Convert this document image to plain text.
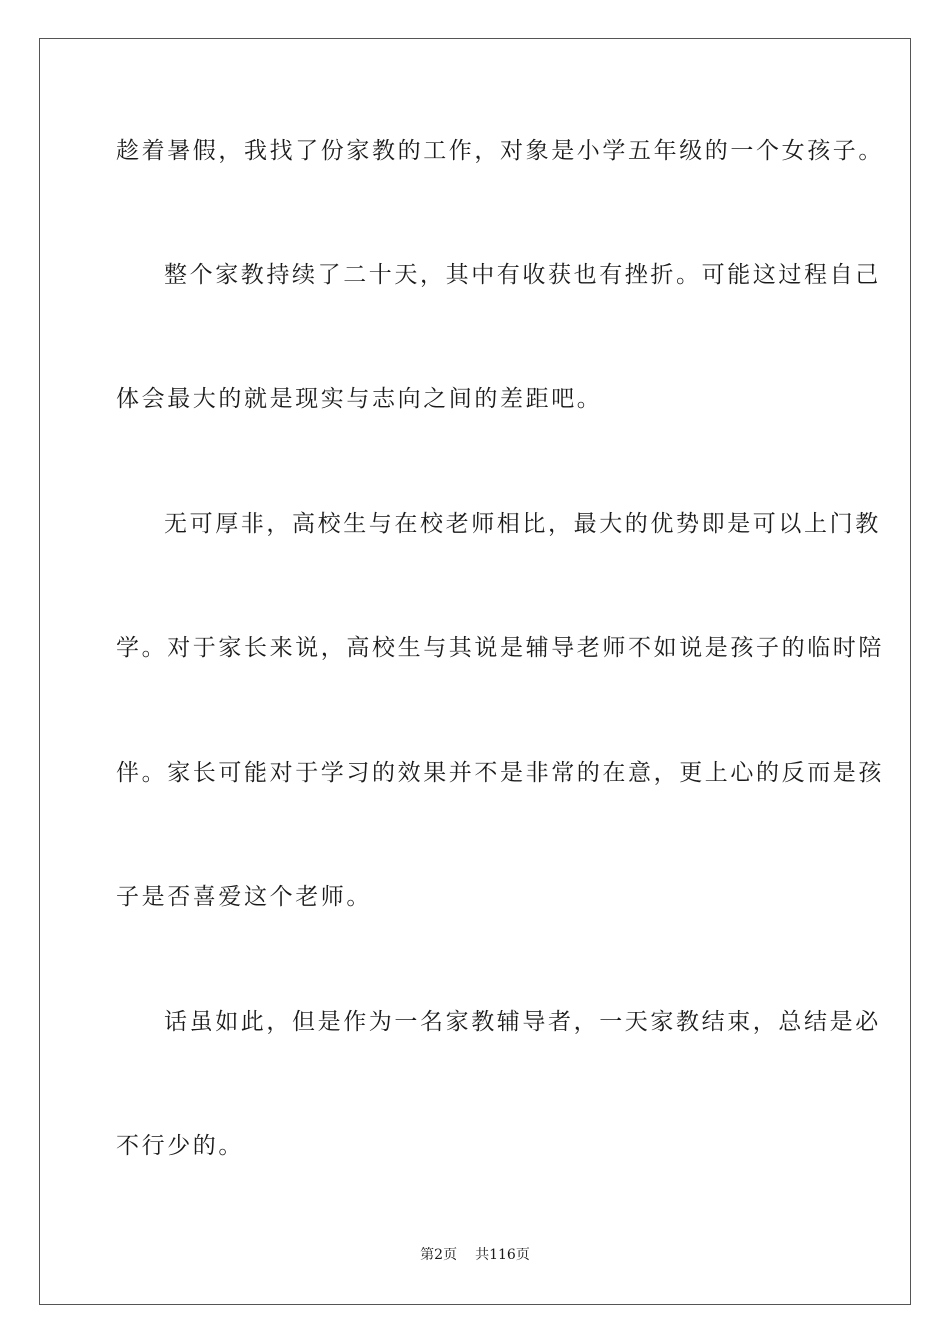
趁着暑假，我找了份家教的工作，对象是小学五年级的一个女孩子。
整个家教持续了二十天，其中有收获也有挫折。可能这过程自己
体会最大的就是现实与志向之间的差距吧。
无可厚非，高校生与在校老师相比，最大的优势即是可以上门教
学。对于家长来说，高校生与其说是辅导老师不如说是孩子的临时陪
伴。家长可能对于学习的效果并不是非常的在意，更上心的反而是孩
子是否喜爱这个老师。
话虽如此，但是作为一名家教辅导者，一天家教结束，总结是必
不行少的。
第2页 共116页
